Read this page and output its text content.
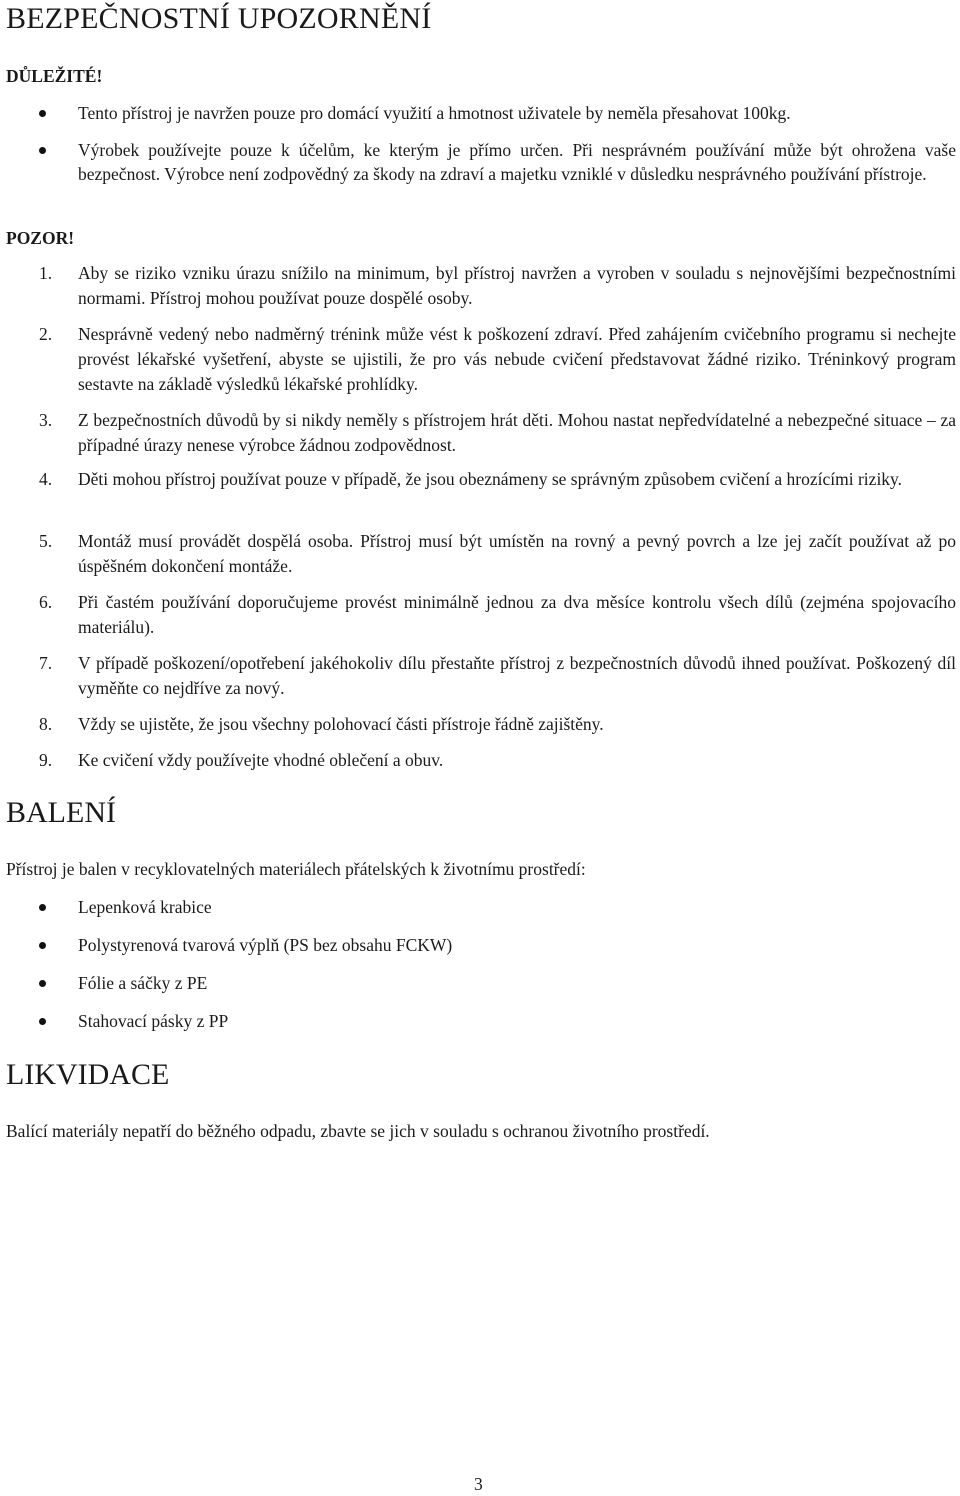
BEZPEČNOSTNÍ UPOZORNĚNÍ

DŮLEŽITÉ!

Tento přístroj je navržen pouze pro domácí využití a hmotnost uživatele by neměla přesahovat 100kg.
Výrobek používejte pouze k účelům, ke kterým je přímo určen. Při nesprávném používání může být ohrožena vaše bezpečnost. Výrobce není zodpovědný za škody na zdraví a majetku vzniklé v důsledku nesprávného používání přístroje.

POZOR!

1. Aby se riziko vzniku úrazu snížilo na minimum, byl přístroj navržen a vyroben v souladu s nejnovějšími bezpečnostními normami. Přístroj mohou používat pouze dospělé osoby.
2. Nesprávně vedený nebo nadměrný trénink může vést k poškození zdraví. Před zahájením cvičebního programu si nechejte provést lékařské vyšetření, abyste se ujistili, že pro vás nebude cvičení představovat žádné riziko. Tréninkový program sestavte na základě výsledků lékařské prohlídky.
3. Z bezpečnostních důvodů by si nikdy neměly s přístrojem hrát děti. Mohou nastat nepředvídatelné a nebezpečné situace – za případné úrazy nenese výrobce žádnou zodpovědnost.
4. Děti mohou přístroj používat pouze v případě, že jsou obeznámeny se správným způsobem cvičení a hrozícími riziky.
5. Montáž musí provádět dospělá osoba. Přístroj musí být umístěn na rovný a pevný povrch a lze jej začít používat až po úspěšném dokončení montáže.
6. Při častém používání doporučujeme provést minimálně jednou za dva měsíce kontrolu všech dílů (zejména spojovacího materiálu).
7. V případě poškození/opotřebení jakéhokoliv dílu přestaňte přístroj z bezpečnostních důvodů ihned používat. Poškozený díl vyměňte co nejdříve za nový.
8. Vždy se ujistěte, že jsou všechny polohovací části přístroje řádně zajištěny.
9. Ke cvičení vždy používejte vhodné oblečení a obuv.
BALENÍ

Přístroj je balen v recyklovatelných materiálech přátelských k životnímu prostředí:

Lepenková krabice
Polystyrenová tvarová výplň (PS bez obsahu FCKW)
Fólie a sáčky z PE
Stahovací pásky z PP
LIKVIDACE

Balící materiály nepatří do běžného odpadu, zbavte se jich v souladu s ochranou životního prostředí.

3
